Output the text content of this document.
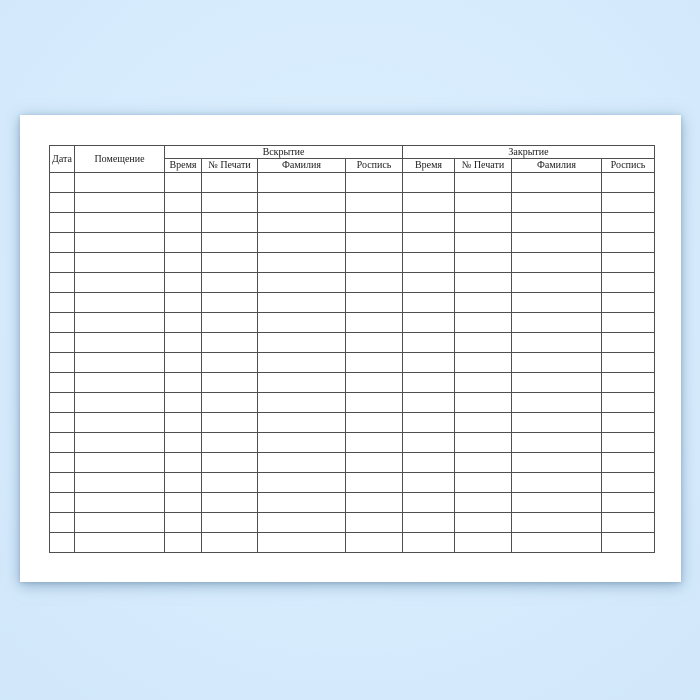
Дата	Помещение	Вскрытие				Закрытие			
		Время	№ Печати	Фамилия	Роспись	Время	№ Печати	Фамилия	Роспись
